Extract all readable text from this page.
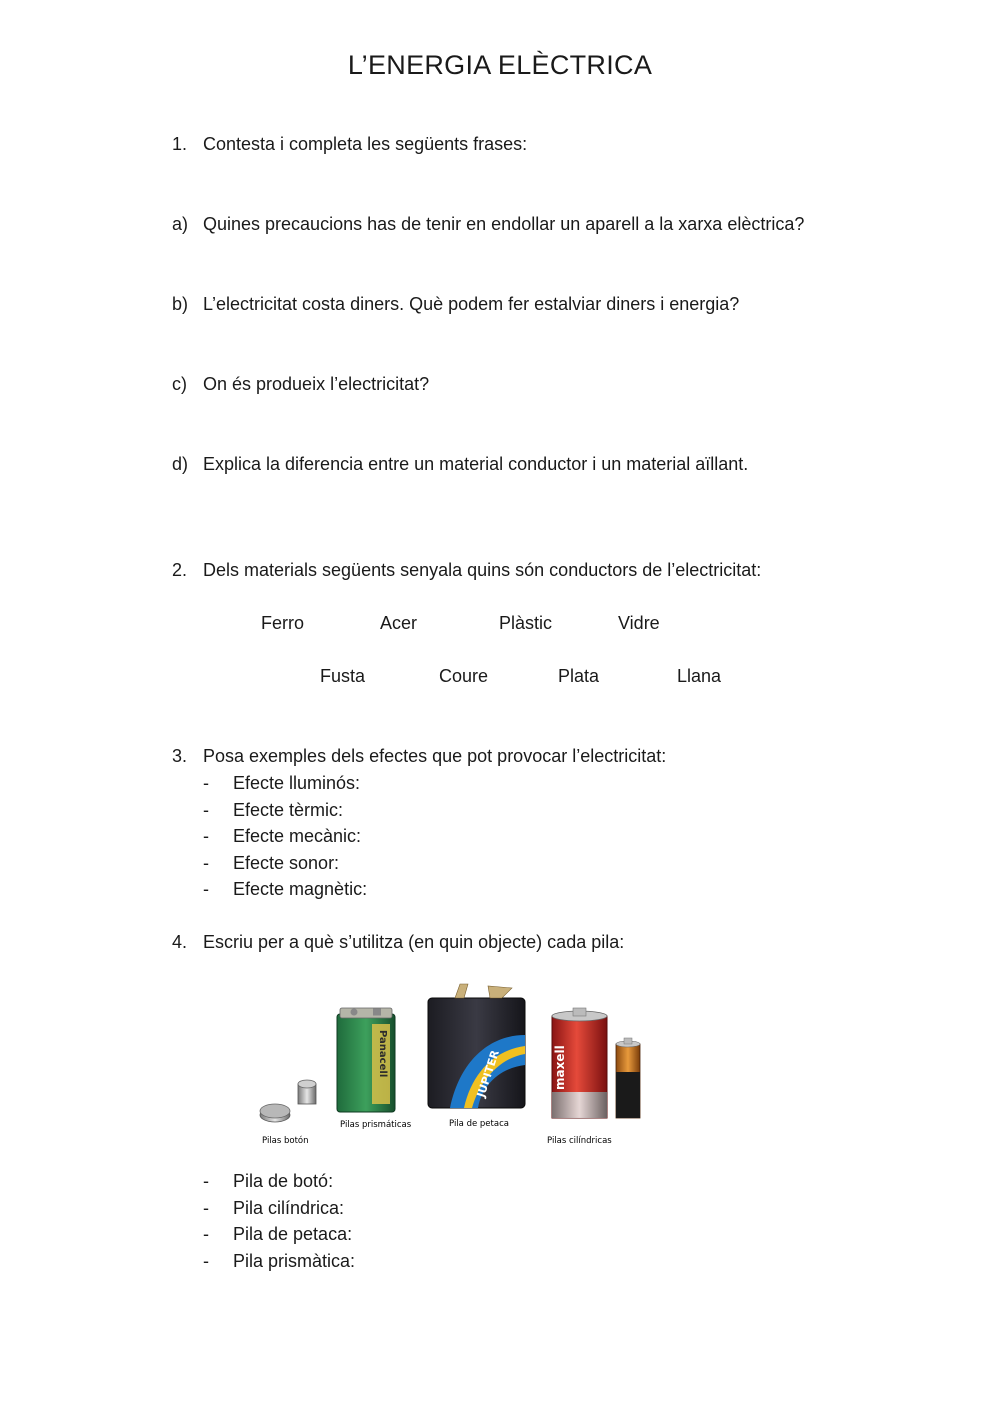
L’ENERGIA ELÈCTRICA
1. Contesta i completa les següents frases:
a) Quines precaucions has de tenir en endollar un aparell a la xarxa elèctrica?
b) L’electricitat costa diners. Què podem fer estalviar diners i energia?
c) On és produeix l’electricitat?
d) Explica la diferencia entre un material conductor i un material aïllant.
2. Dels materials següents senyala quins són conductors de l’electricitat:
Ferro	Acer	Plàstic	Vidre
Fusta	Coure	Plata	Llana
3. Posa exemples dels efectes que pot provocar l’electricitat:
-	Efecte lluminós:
-	Efecte tèrmic:
-	Efecte mecànic:
-	Efecte sonor:
-	Efecte magnètic:
4. Escriu per a què s’utilitza (en quin objecte) cada pila:
Panacell	JUPITER	maxell
Pilas botón
Pilas prismáticas	Pila de petaca
Pilas cilíndricas
-	Pila de botó:
-	Pila cilíndrica:
-	Pila de petaca:
-	Pila prismàtica:
